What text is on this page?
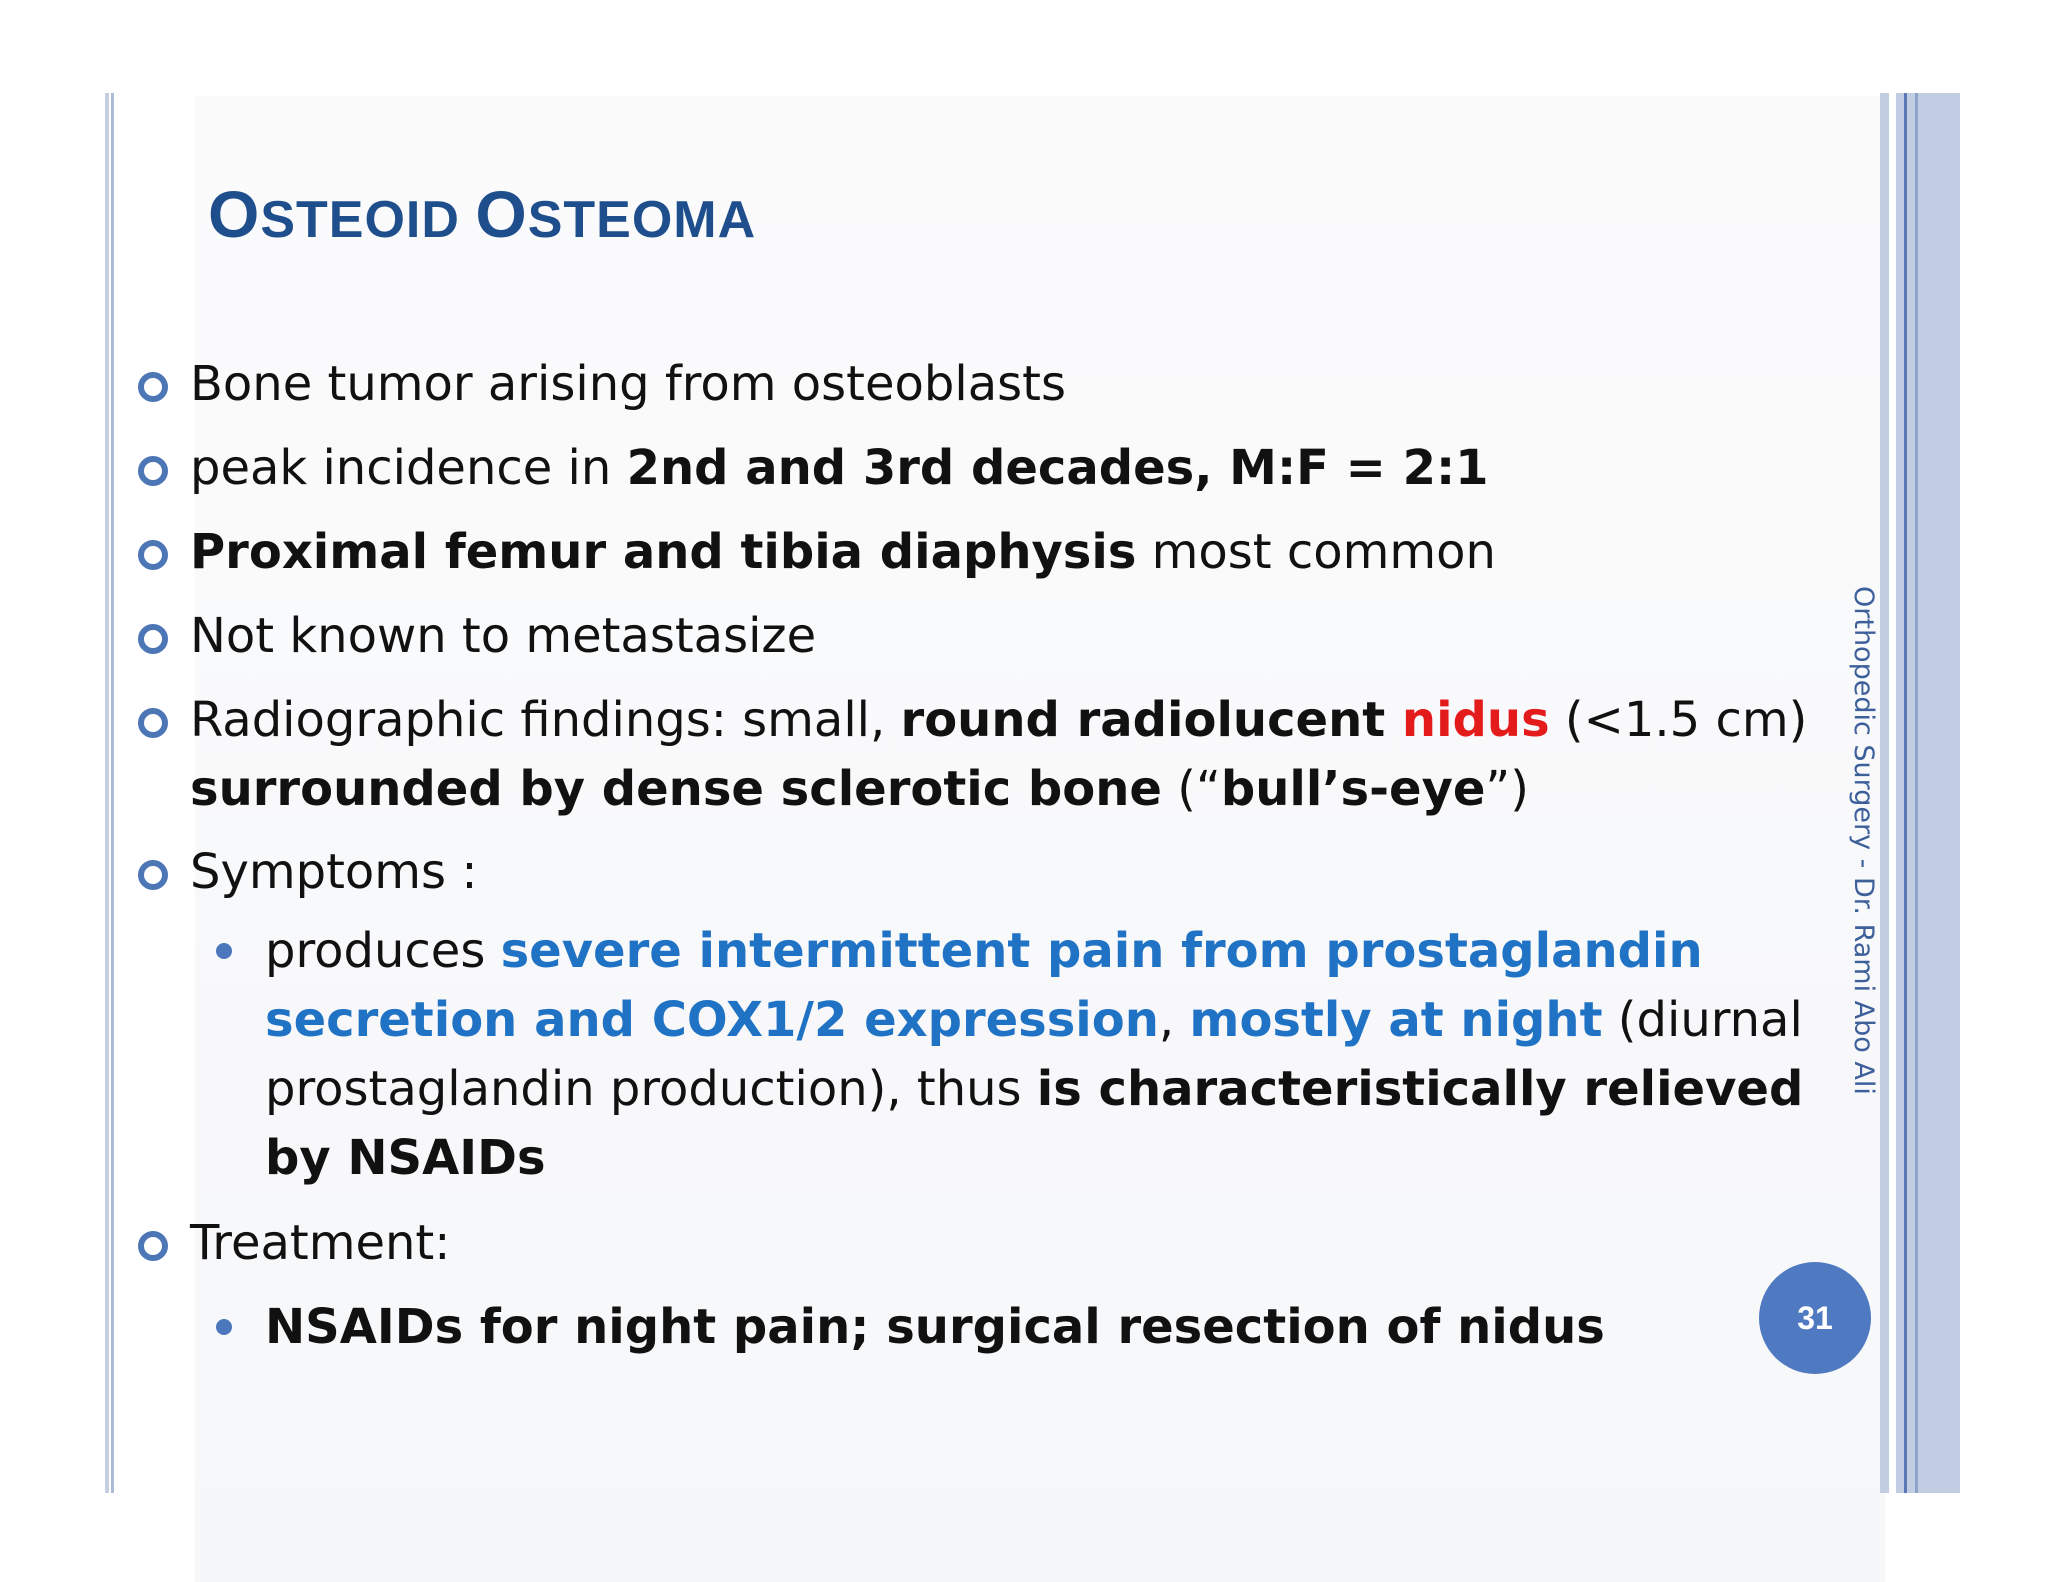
OSTEOID OSTEOMA
Bone tumor arising from osteoblasts
peak incidence in 2nd and 3rd decades, M:F = 2:1
Proximal femur and tibia diaphysis most common
Not known to metastasize
Radiographic findings: small, round radiolucent nidus (<1.5 cm)
surrounded by dense sclerotic bone (“bull’s-eye”)
Symptoms :
produces severe intermittent pain from prostaglandin
secretion and COX1/2 expression, mostly at night (diurnal
prostaglandin production), thus is characteristically relieved
by NSAIDs
Treatment:
NSAIDs for night pain; surgical resection of nidus
Orthopedic Surgery - Dr. Rami Abo Ali
31
